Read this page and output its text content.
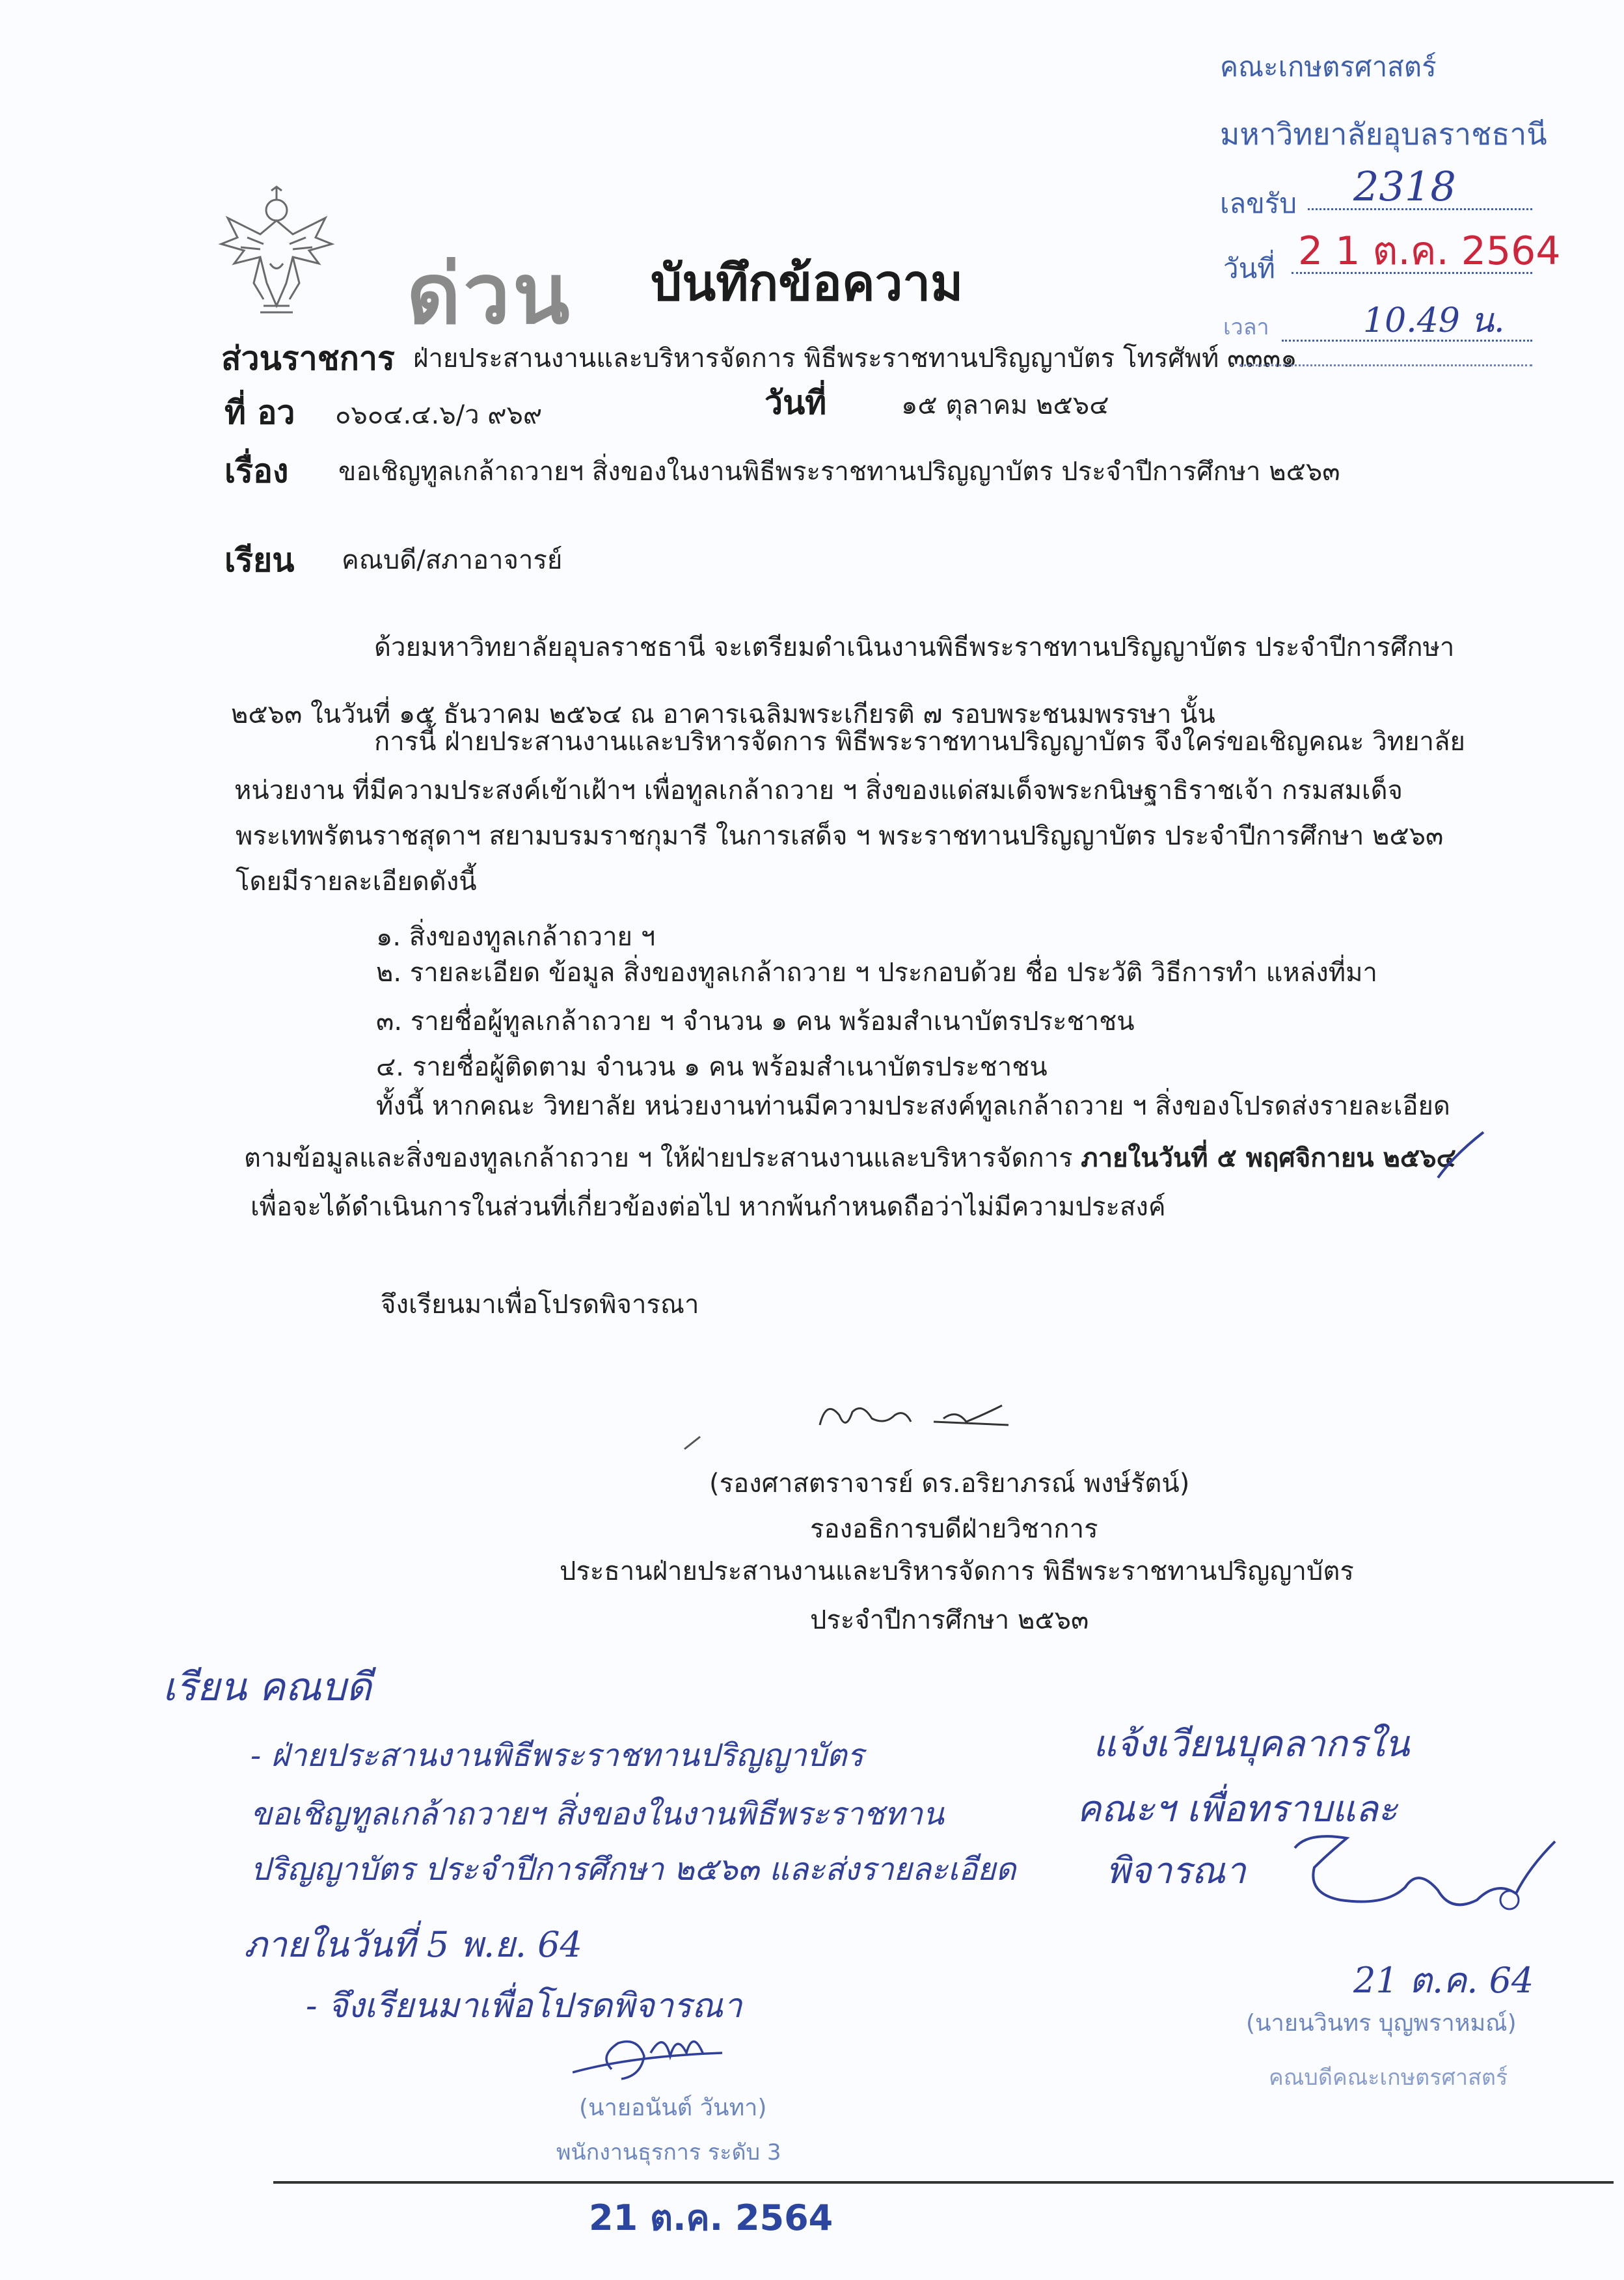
คณะเกษตรศาสตร์
มหาวิทยาลัยอุบลราชธานี
เลขรับ 2318
วันที่ 2 1 ต.ค. 2564
เวลา	10.49 น.
ด่วน บันทึกข้อความ
ส่วนราชการ ฝ่ายประสานงานและบริหารจัดการ พิธีพระราชทานปริญญาบัตร โทรศัพท์ ๓๓๓๑
ที่ อว ๐๖๐๔.๔.๖/ว ๙๖๙	วันที่	๑๕ ตุลาคม ๒๕๖๔
เรื่อง ขอเชิญทูลเกล้าถวายฯ สิ่งของในงานพิธีพระราชทานปริญญาบัตร ประจำปีการศึกษา ๒๕๖๓
เรียน คณบดี/สภาอาจารย์
ด้วยมหาวิทยาลัยอุบลราชธานี จะเตรียมดำเนินงานพิธีพระราชทานปริญญาบัตร ประจำปีการศึกษา
๒๕๖๓ ในวันที่ ๑๕ ธันวาคม ๒๕๖๔ ณ อาคารเฉลิมพระเกียรติ ๗ รอบพระชนมพรรษา นั้น
การนี้ ฝ่ายประสานงานและบริหารจัดการ พิธีพระราชทานปริญญาบัตร จึงใคร่ขอเชิญคณะ วิทยาลัย
หน่วยงาน ที่มีความประสงค์เข้าเฝ้าฯ เพื่อทูลเกล้าถวาย ฯ สิ่งของแด่สมเด็จพระกนิษฐาธิราชเจ้า กรมสมเด็จ
พระเทพรัตนราชสุดาฯ สยามบรมราชกุมารี ในการเสด็จ ฯ พระราชทานปริญญาบัตร ประจำปีการศึกษา ๒๕๖๓
โดยมีรายละเอียดดังนี้
๑. สิ่งของทูลเกล้าถวาย ฯ
๒. รายละเอียด ข้อมูล สิ่งของทูลเกล้าถวาย ฯ ประกอบด้วย ชื่อ ประวัติ วิธีการทำ แหล่งที่มา
๓. รายชื่อผู้ทูลเกล้าถวาย ฯ จำนวน ๑ คน พร้อมสำเนาบัตรประชาชน
๔. รายชื่อผู้ติดตาม จำนวน ๑ คน พร้อมสำเนาบัตรประชาชน
ทั้งนี้ หากคณะ วิทยาลัย หน่วยงานท่านมีความประสงค์ทูลเกล้าถวาย ฯ สิ่งของโปรดส่งรายละเอียด
ตามข้อมูลและสิ่งของทูลเกล้าถวาย ฯ ให้ฝ่ายประสานงานและบริหารจัดการ ภายในวันที่ ๕ พฤศจิกายน ๒๕๖๔
เพื่อจะได้ดำเนินการในส่วนที่เกี่ยวข้องต่อไป หากพ้นกำหนดถือว่าไม่มีความประสงค์
จึงเรียนมาเพื่อโปรดพิจารณา
(รองศาสตราจารย์ ดร.อริยาภรณ์ พงษ์รัตน์)
รองอธิการบดีฝ่ายวิชาการ
ประธานฝ่ายประสานงานและบริหารจัดการ พิธีพระราชทานปริญญาบัตร
ประจำปีการศึกษา ๒๕๖๓
เรียน คณบดี
- ฝ่ายประสานงานพิธีพระราชทานปริญญาบัตร
ขอเชิญทูลเกล้าถวายฯ สิ่งของในงานพิธีพระราชทาน
ปริญญาบัตร ประจำปีการศึกษา ๒๕๖๓ และส่งรายละเอียด
ภายในวันที่ 5 พ.ย. 64
- จึงเรียนมาเพื่อโปรดพิจารณา
(นายอนันต์ วันทา)
พนักงานธุรการ ระดับ 3
21 ต.ค. 2564
แจ้งเวียนบุคลากรใน
คณะฯ เพื่อทราบและ
พิจารณา
21 ต.ค. 64
(นายนวินทร บุญพราหมณ์)
คณบดีคณะเกษตรศาสตร์
